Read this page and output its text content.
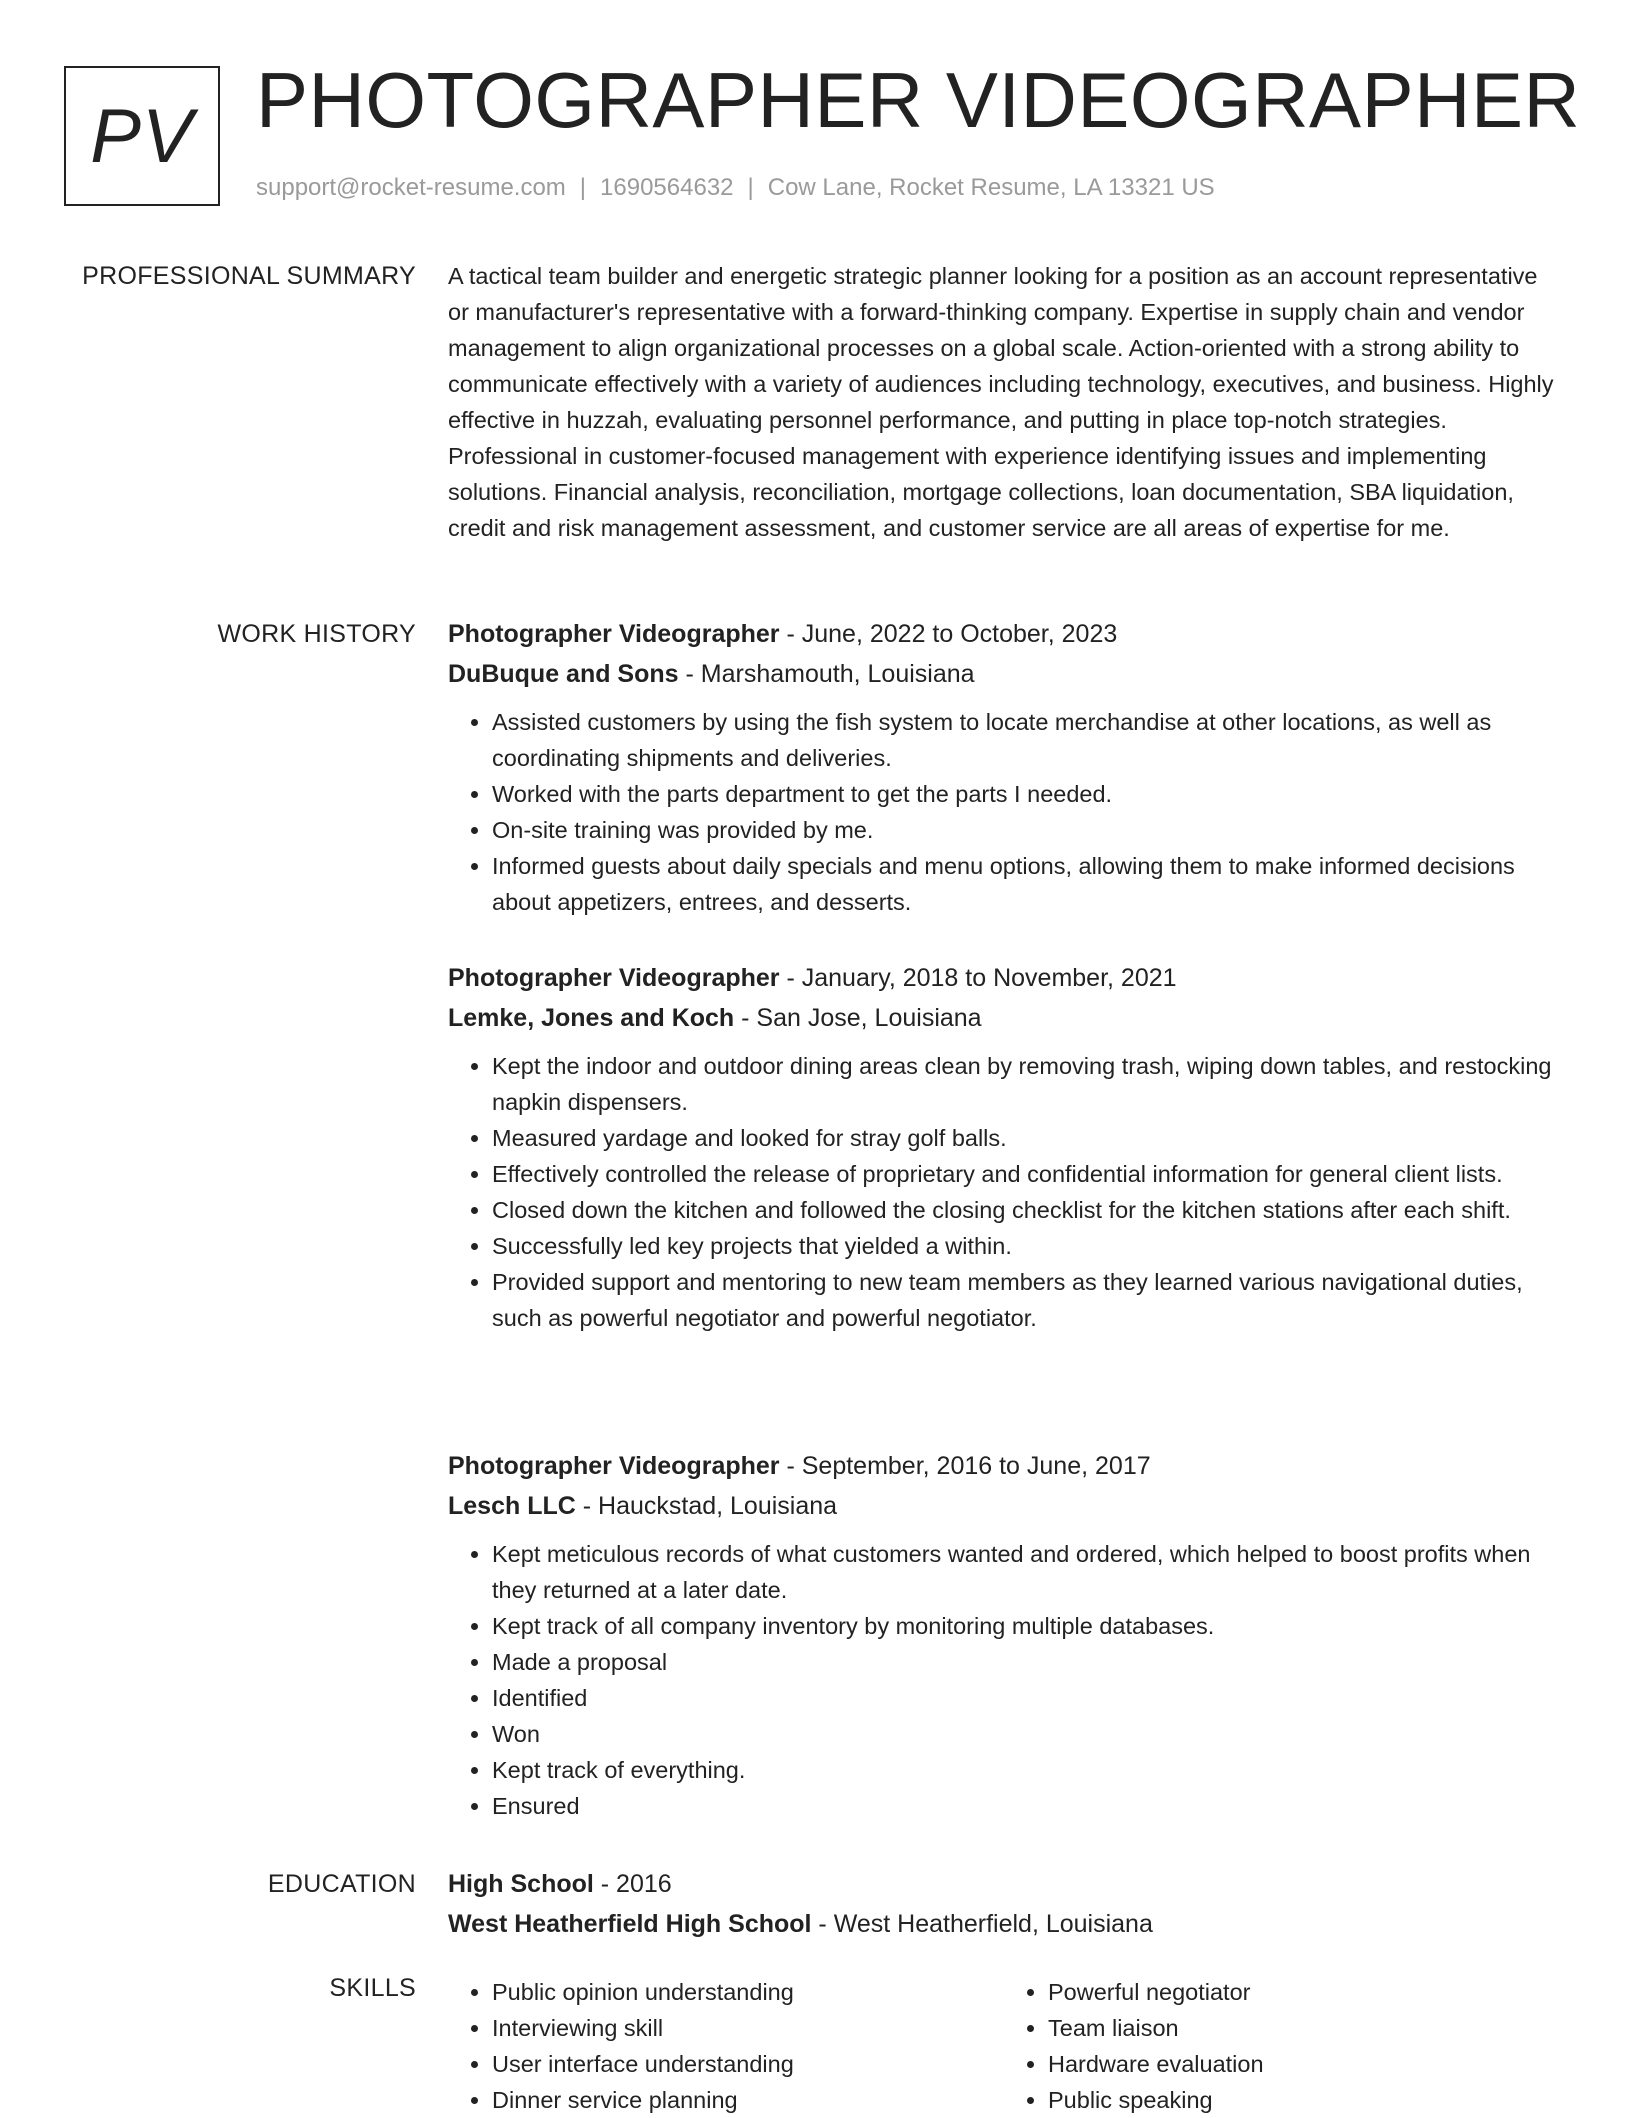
PV PHOTOGRAPHER VIDEOGRAPHER
support@rocket-resume.com | 1690564632 | Cow Lane, Rocket Resume, LA 13321 US
PROFESSIONAL SUMMARY A tactical team builder and energetic strategic planner looking for a position as an account representative or manufacturer's representative with a forward-thinking company. Expertise in supply chain and vendor management to align organizational processes on a global scale. Action-oriented with a strong ability to communicate effectively with a variety of audiences including technology, executives, and business. Highly effective in huzzah, evaluating personnel performance, and putting in place top-notch strategies. Professional in customer-focused management with experience identifying issues and implementing solutions. Financial analysis, reconciliation, mortgage collections, loan documentation, SBA liquidation, credit and risk management assessment, and customer service are all areas of expertise for me.

WORK HISTORY Photographer Videographer - June, 2022 to October, 2023
DuBuque and Sons - Marshamouth, Louisiana
• Assisted customers by using the fish system to locate merchandise at other locations, as well as coordinating shipments and deliveries.
• Worked with the parts department to get the parts I needed.
• On-site training was provided by me.
• Informed guests about daily specials and menu options, allowing them to make informed decisions about appetizers, entrees, and desserts.
Photographer Videographer - January, 2018 to November, 2021
Lemke, Jones and Koch - San Jose, Louisiana
• Kept the indoor and outdoor dining areas clean by removing trash, wiping down tables, and restocking napkin dispensers.
• Measured yardage and looked for stray golf balls.
• Effectively controlled the release of proprietary and confidential information for general client lists.
• Closed down the kitchen and followed the closing checklist for the kitchen stations after each shift.
• Successfully led key projects that yielded a within.
• Provided support and mentoring to new team members as they learned various navigational duties, such as powerful negotiator and powerful negotiator.
Photographer Videographer - September, 2016 to June, 2017
Lesch LLC - Hauckstad, Louisiana
• Kept meticulous records of what customers wanted and ordered, which helped to boost profits when they returned at a later date.
• Kept track of all company inventory by monitoring multiple databases.
• Made a proposal
• Identified
• Won
• Kept track of everything.
• Ensured
EDUCATION High School - 2016
West Heatherfield High School - West Heatherfield, Louisiana
SKILLS
•	Public opinion understanding
• Interviewing skill
• User interface understanding
• Dinner service planning
• Powerful negotiator
• Team liaison
• Hardware evaluation
• Public speaking
